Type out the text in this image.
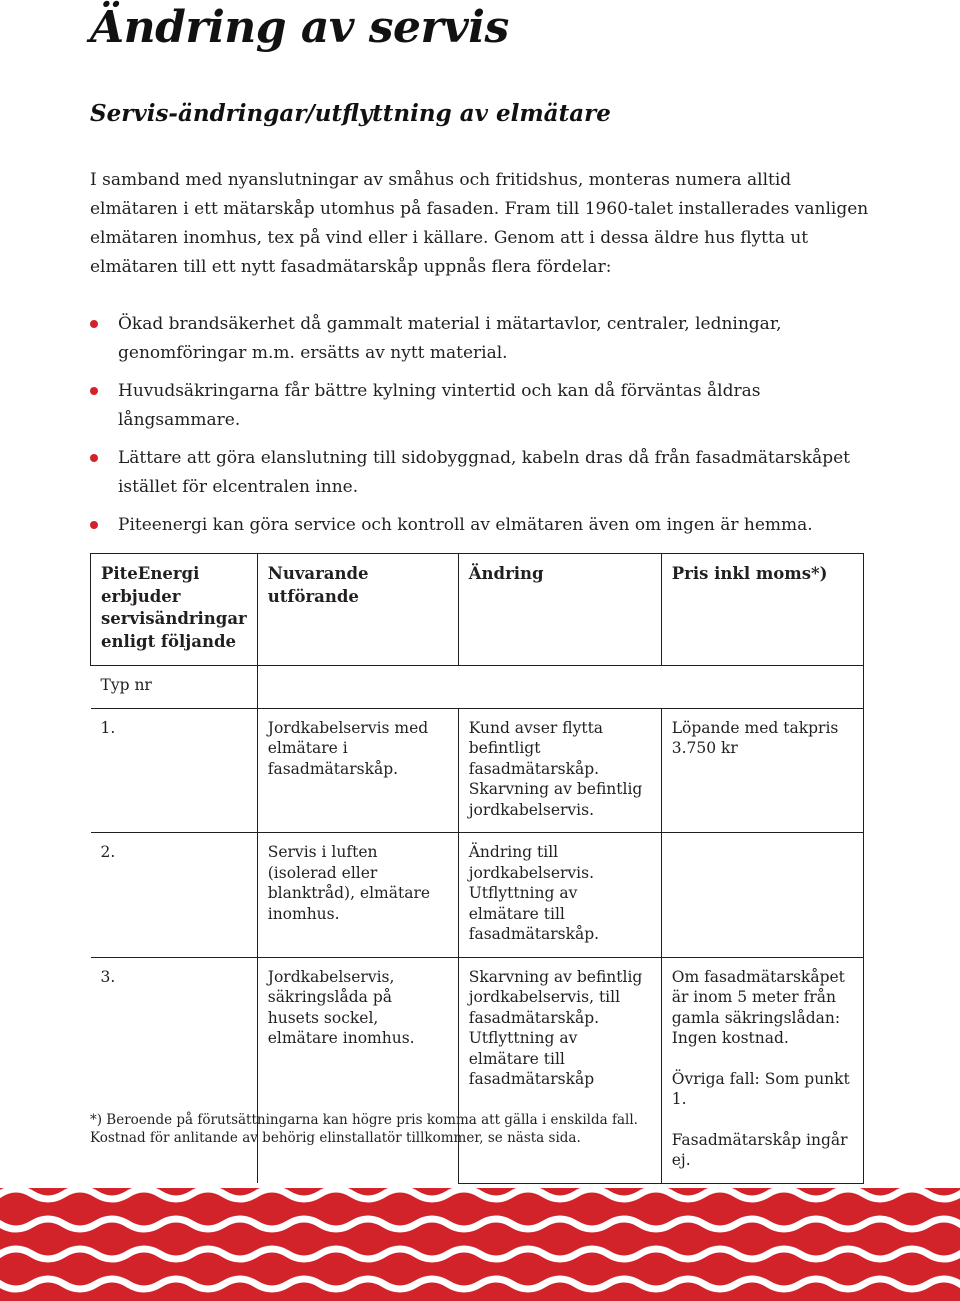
Ändring av servis
Servis-ändringar/utflyttning av elmätare

I samband med nyanslutningar av småhus och fritidshus, monteras numera alltid elmätaren i ett mätarskåp utomhus på fasaden. Fram till 1960-talet installerades vanligen elmätaren inomhus, tex på vind eller i källare. Genom att i dessa äldre hus flytta ut elmätaren till ett nytt fasadmätarskåp uppnås flera fördelar:

Ökad brandsäkerhet då gammalt material i mätartavlor, centraler, ledningar, genomföringar m.m. ersätts av nytt material.
Huvudsäkringarna får bättre kylning vintertid och kan då förväntas åldras långsammare.
Lättare att göra elanslutning till sidobyggnad, kabeln dras då från fasadmätarskåpet istället för elcentralen inne.
Piteenergi kan göra service och kontroll av elmätaren även om ingen är hemma.
PiteEnergi erbjuder servisändringar enligt följande	Nuvarande utförande	Ändring	Pris inkl moms*)
Typ nr			
1.	Jordkabelservis med elmätare i fasadmätarskåp.	Kund avser flytta befintligt fasadmätarskåp. Skarvning av befintlig jordkabelservis.	Löpande med takpris 3.750 kr

2.	Servis i luften (isolerad eller blanktråd), elmätare inomhus.	Ändring till jordkabelservis. Utflyttning av elmätare till fasadmätarskåp.	
3.	Jordkabelservis, säkringslåda på husets sockel, elmätare inomhus.	Skarvning av befintlig jordkabelservis, till fasadmätarskåp. Utflyttning av elmätare till fasadmätarskåp	Om fasadmätarskåpet är inom 5 meter från gamla säkringslådan: Ingen kostnad.

Övriga fall: Som punkt 1.

Fasadmätarskåp ingår ej.

*) Beroende på förutsättningarna kan högre pris komma att gälla i enskilda fall.
Kostnad för anlitande av behörig elinstallatör tillkommer, se nästa sida.
